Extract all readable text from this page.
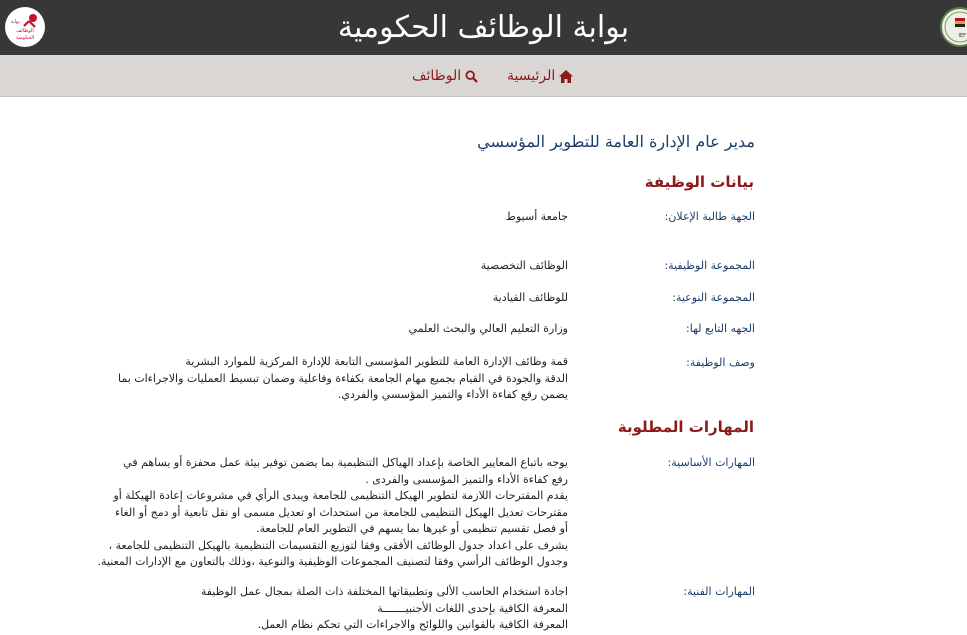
بوابة الوظائف الحكومية
بوابة
الوظائف
الحكومية	IEF
الرئيسية
الوظائف
مدير عام الإدارة العامة للتطوير المؤسسي
بيانات الوظيفة
الجهة طالبة الإعلان:
جامعة أسيوط
المجموعة الوظيفية:
الوظائف التخصصية
المجموعة النوعية:
للوظائف القيادية
الجهه التابع لها:
وزارة التعليم العالي والبحث العلمي
وصف الوظيفة:
قمة وظائف الإدارة العامة للتطوير المؤسسى التابعة للإدارة المركزية للموارد البشرية
الدقة والجودة في القيام بجميع مهام الجامعة بكفاءة وفاعلية وضمان تبسيط العمليات والاجراءات بما
يضمن رفع كفاءة الأداء والتميز المؤسسي والفردي.
المهارات المطلوبة
المهارات الأساسية:
يوجه باتباع المعايير الخاصة بإعداد الهياكل التنظيمية بما يضمن توفير بيئة عمل محفزة أو يساهم في
رفع كفاءة الأداء والتميز المؤسسى والفردى .
يقدم المقترحات اللازمة لتطوير الهيكل التنظيمى للجامعة ويبدى الرأي في مشروعات إعادة الهيكلة أو
مقترحات تعديل الهيكل التنظيمى للجامعة من استحداث او تعديل مسمى او نقل تابعية أو دمج أو الغاء
أو فصل تقسيم تنظيمى أو غيرها بما يسهم في التطوير العام للجامعة.
يشرف على اعداد جدول الوظائف الأفقى وفقا لتوزيع التقسيمات التنظيمية بالهيكل التنظيمى للجامعة ،
وجدول الوظائف الرأسي وفقا لتصنيف المجموعات الوظيفية والنوعية ،وذلك بالتعاون مع الإدارات المعنية.
المهارات الفنية:
اجادة استخدام الحاسب الألى وتطبيقاتها المختلفة ذات الصلة بمجال عمل الوظيفة
المعرفة الكافية بإحدى اللغات الأجنبيـــــــة
المعرفة الكافية بالقوانين واللوائح والاجراءات التي تحكم نظام العمل.
